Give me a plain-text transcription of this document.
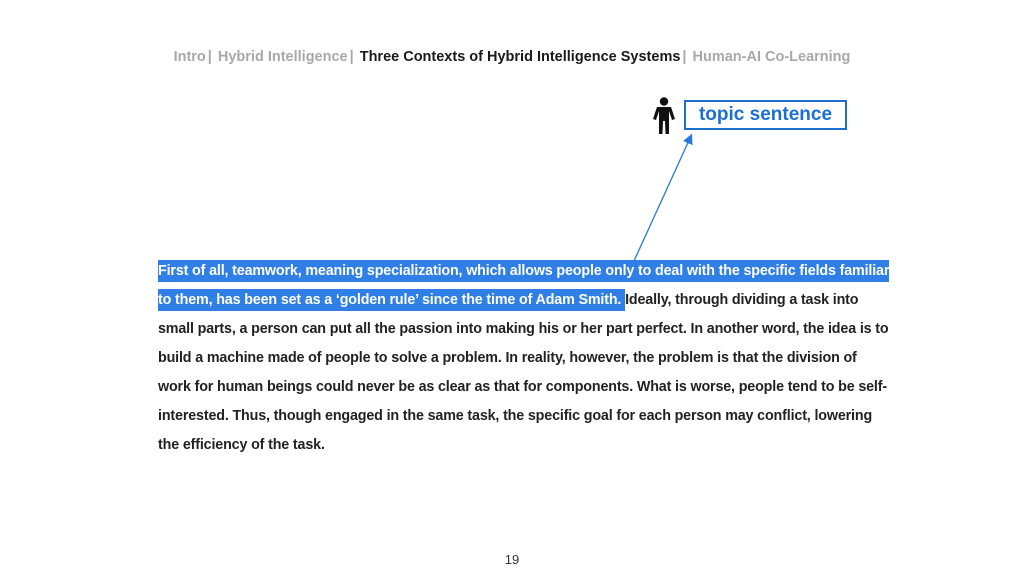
Intro | Hybrid Intelligence | Three Contexts of Hybrid Intelligence Systems | Human-AI Co-Learning
topic sentence
First of all, teamwork, meaning specialization, which allows people only to deal with the specific fields familiar
to them, has been set as a ‘golden rule’ since the time of Adam Smith. Ideally, through dividing a task into
small parts, a person can put all the passion into making his or her part perfect. In another word, the idea is to
build a machine made of people to solve a problem. In reality, however, the problem is that the division of
work for human beings could never be as clear as that for components. What is worse, people tend to be self-
interested. Thus, though engaged in the same task, the specific goal for each person may conflict, lowering
the efficiency of the task.
19
